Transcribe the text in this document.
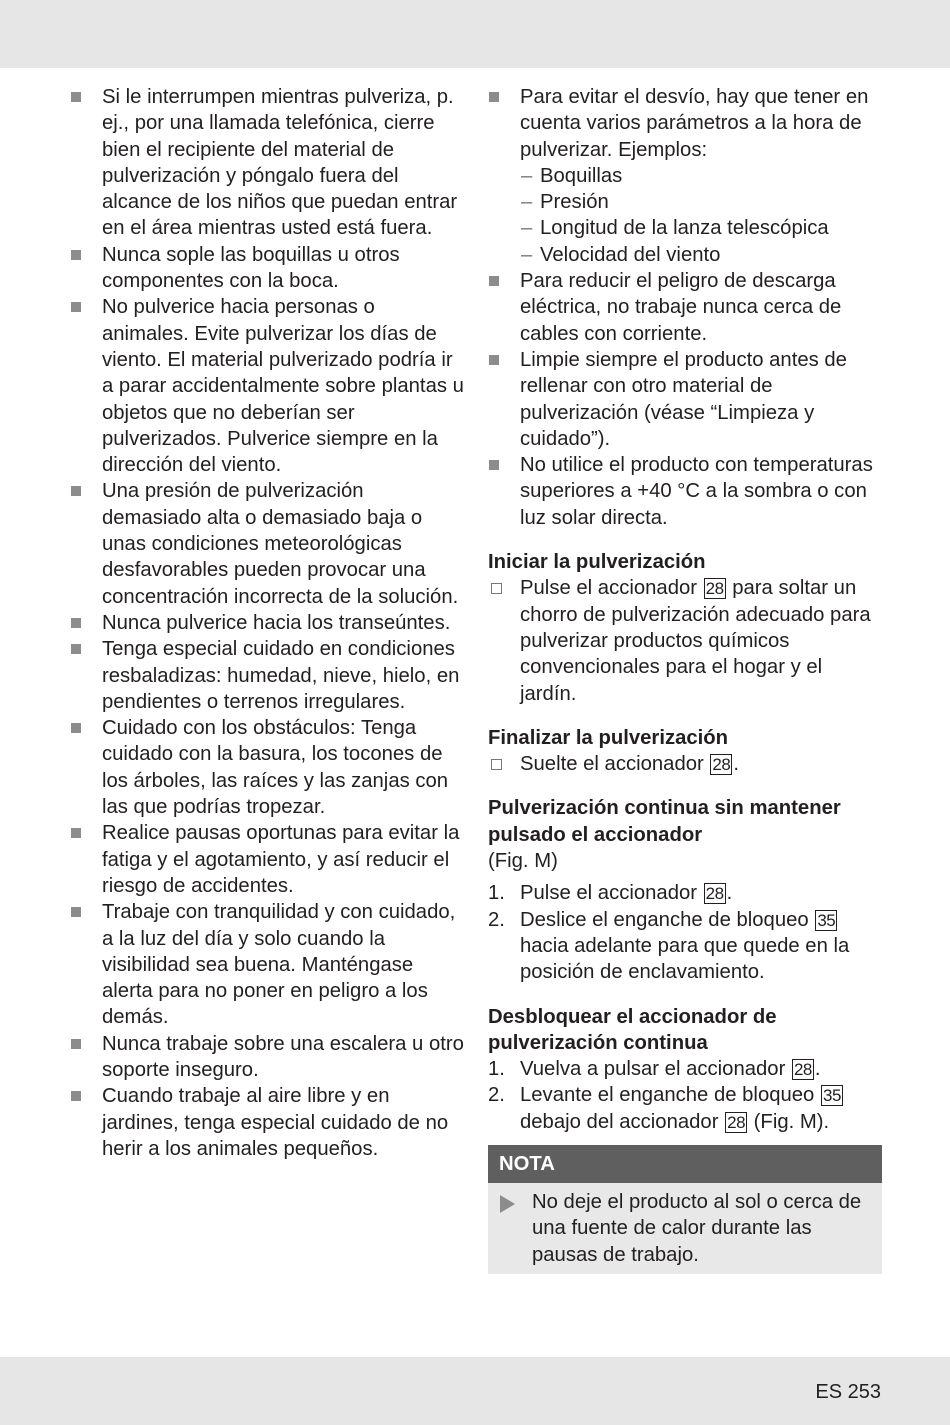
Si le interrumpen mientras pulveriza, p. ej., por una llamada telefónica, cierre bien el recipiente del material de pulverización y póngalo fuera del alcance de los niños que puedan entrar en el área mientras usted está fuera.
Nunca sople las boquillas u otros componentes con la boca.
No pulverice hacia personas o animales. Evite pulverizar los días de viento. El material pulverizado podría ir a parar accidentalmente sobre plantas u objetos que no deberían ser pulverizados. Pulverice siempre en la dirección del viento.
Una presión de pulverización demasiado alta o demasiado baja o unas condiciones meteorológicas desfavorables pueden provocar una concentración incorrecta de la solución.
Nunca pulverice hacia los transeúntes.
Tenga especial cuidado en condiciones resbaladizas: humedad, nieve, hielo, en pendientes o terrenos irregulares.
Cuidado con los obstáculos: Tenga cuidado con la basura, los tocones de los árboles, las raíces y las zanjas con las que podrías tropezar.
Realice pausas oportunas para evitar la fatiga y el agotamiento, y así reducir el riesgo de accidentes.
Trabaje con tranquilidad y con cuidado, a la luz del día y solo cuando la visibilidad sea buena. Manténgase alerta para no poner en peligro a los demás.
Nunca trabaje sobre una escalera u otro soporte inseguro.
Cuando trabaje al aire libre y en jardines, tenga especial cuidado de no herir a los animales pequeños.
Para evitar el desvío, hay que tener en cuenta varios parámetros a la hora de pulverizar. Ejemplos:
– Boquillas
– Presión
– Longitud de la lanza telescópica
– Velocidad del viento
Para reducir el peligro de descarga eléctrica, no trabaje nunca cerca de cables con corriente.
Limpie siempre el producto antes de rellenar con otro material de pulverización (véase “Limpieza y cuidado”).
No utilice el producto con temperaturas superiores a +40 °C a la sombra o con luz solar directa.
Iniciar la pulverización
Pulse el accionador 28 para soltar un chorro de pulverización adecuado para pulverizar productos químicos convencionales para el hogar y el jardín.
Finalizar la pulverización
Suelte el accionador 28 .
Pulverización continua sin mantener pulsado el accionador
(Fig. M)
1. Pulse el accionador 28 .
2. Deslice el enganche de bloqueo 35 hacia adelante para que quede en la posición de enclavamiento.
Desbloquear el accionador de pulverización continua
1. Vuelva a pulsar el accionador 28 .
2. Levante el enganche de bloqueo 35 debajo del accionador 28 (Fig. M).
NOTA
No deje el producto al sol o cerca de una fuente de calor durante las pausas de trabajo.
ES 253
